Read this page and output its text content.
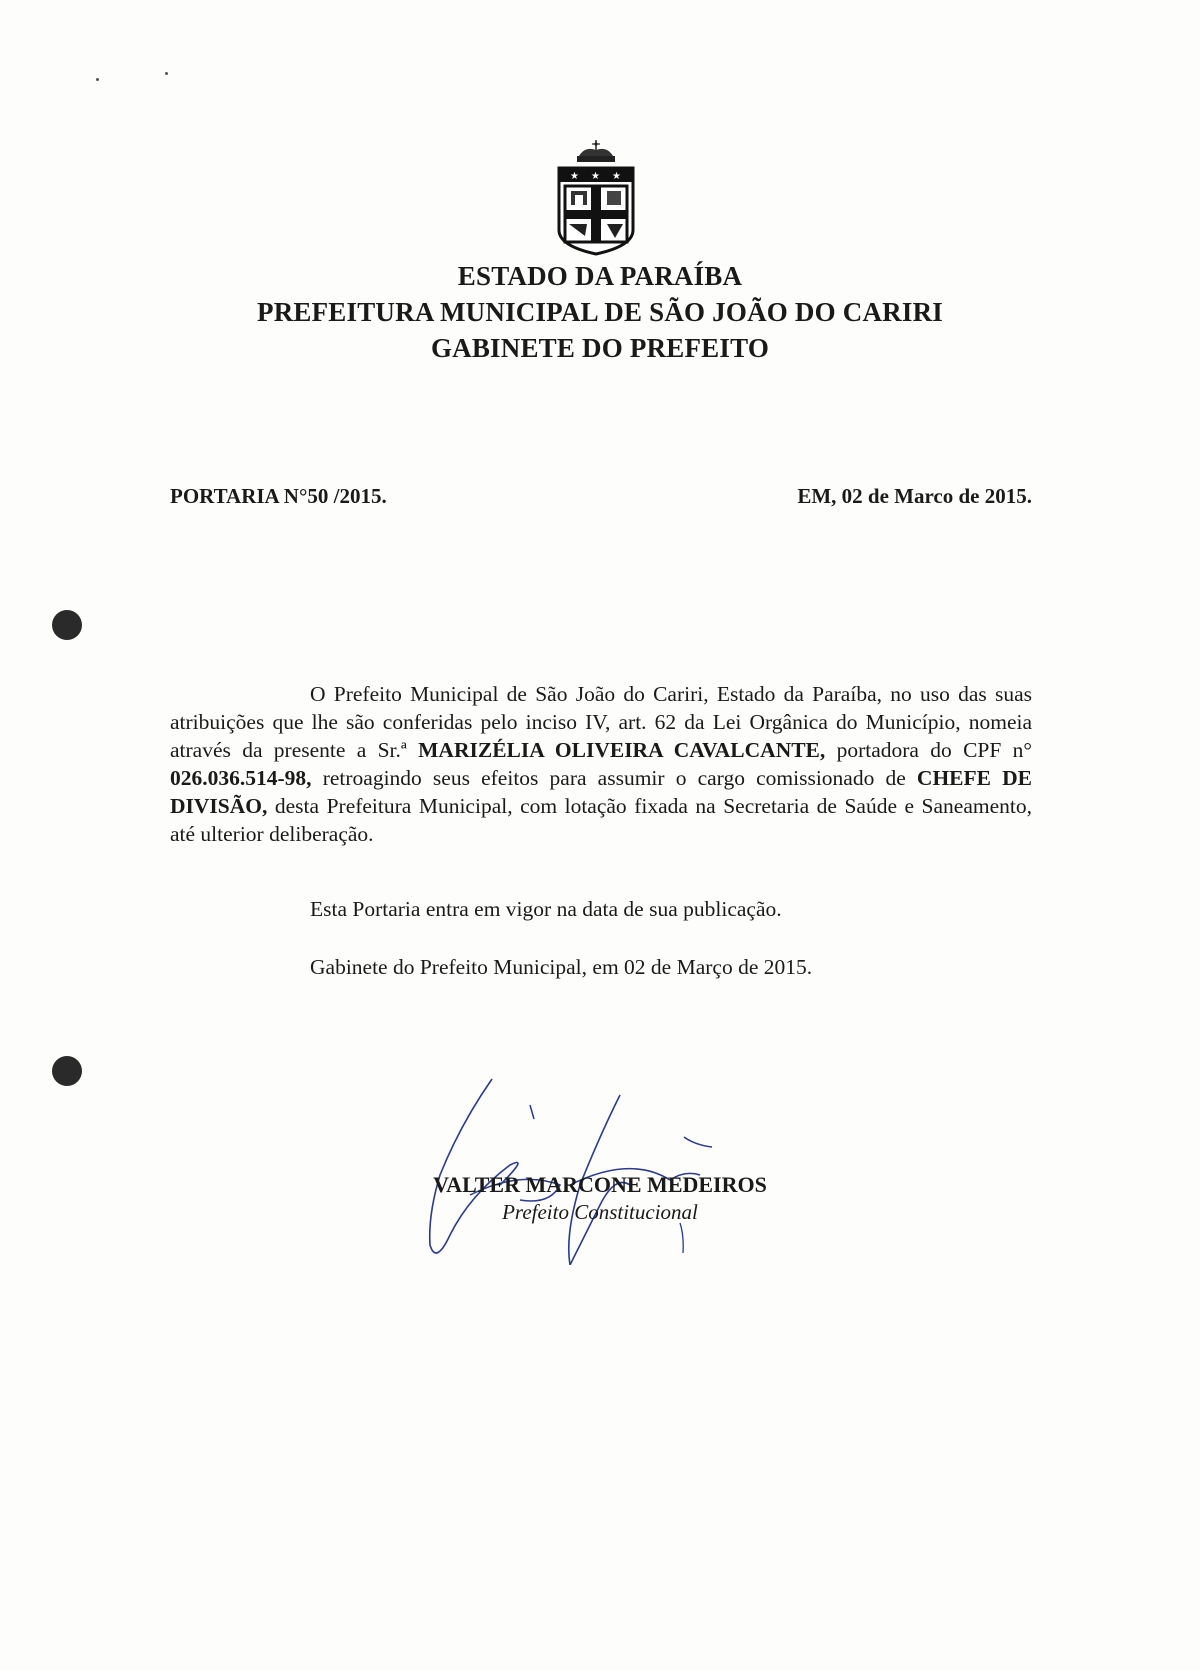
★ ★ ★
ESTADO DA PARAÍBA
PREFEITURA MUNICIPAL DE SÃO JOÃO DO CARIRI
GABINETE DO PREFEITO
PORTARIA N°50 /2015.	EM, 02 de Marco de 2015.

O Prefeito Municipal de São João do Cariri, Estado da Paraíba, no uso das suas atribuições que lhe são conferidas pelo inciso IV, art. 62 da Lei Orgânica do Município, nomeia através da presente a Sr.ª MARIZÉLIA OLIVEIRA CAVALCANTE, portadora do CPF n° 026.036.514-98, retroagindo seus efeitos para assumir o cargo comissionado de CHEFE DE DIVISÃO, desta Prefeitura Municipal, com lotação fixada na Secretaria de Saúde e Saneamento, até ulterior deliberação.

Esta Portaria entra em vigor na data de sua publicação.
Gabinete do Prefeito Municipal, em 02 de Março de 2015.
VALTER MARCONE MEDEIROS
Prefeito Constitucional
